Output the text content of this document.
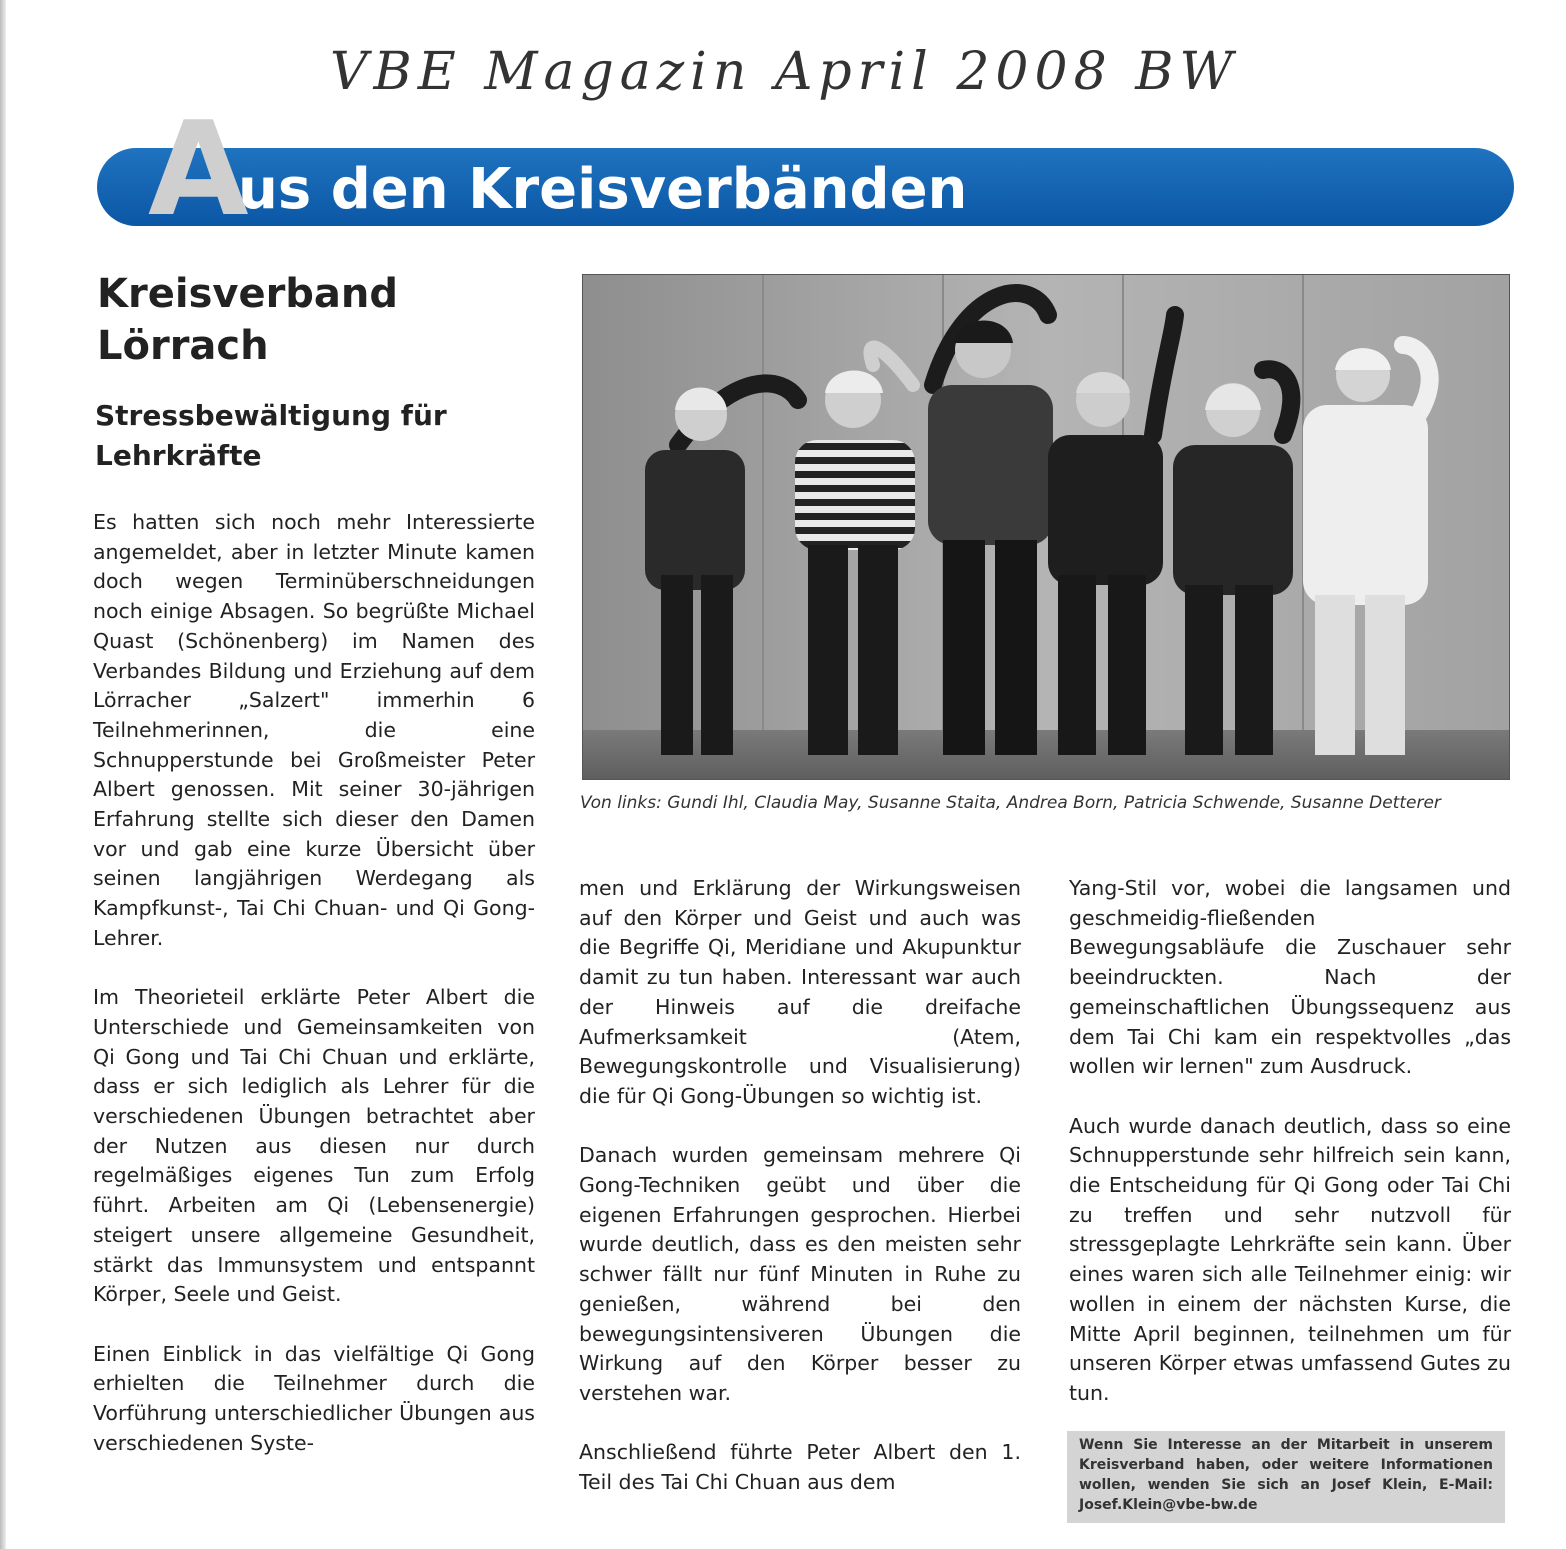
VBE Magazin April 2008 BW
A
us den Kreisverbänden
Kreisverband
Lörrach
Stressbewältigung für
Lehrkräfte

Es hatten sich noch mehr Interessierte angemeldet, aber in letzter Minute kamen doch wegen Terminüberschneidungen noch einige Absagen. So begrüßte Michael Quast (Schönenberg) im Namen des Verbandes Bildung und Erziehung auf dem Lörracher „Salzert" immerhin 6 Teilnehmerinnen, die eine Schnupperstunde bei Großmeister Peter Albert genossen. Mit seiner 30-jährigen Erfahrung stellte sich dieser den Damen vor und gab eine kurze Übersicht über seinen langjährigen Werdegang als Kampfkunst-, Tai Chi Chuan- und Qi Gong-Lehrer.

Im Theorieteil erklärte Peter Albert die Unterschiede und Gemeinsamkeiten von Qi Gong und Tai Chi Chuan und erklärte, dass er sich lediglich als Lehrer für die verschiedenen Übungen betrachtet aber der Nutzen aus diesen nur durch regelmäßiges eigenes Tun zum Erfolg führt. Arbeiten am Qi (Lebensenergie) steigert unsere allgemeine Gesundheit, stärkt das Immunsystem und entspannt Körper, Seele und Geist.

Einen Einblick in das vielfältige Qi Gong erhielten die Teilnehmer durch die Vorführung unterschiedlicher Übungen aus verschiedenen Syste-

Von links: Gundi Ihl, Claudia May, Susanne Staita, Andrea Born, Patricia Schwende, Susanne Detterer

men und Erklärung der Wirkungsweisen auf den Körper und Geist und auch was die Begriffe Qi, Meridiane und Akupunktur damit zu tun haben. Interessant war auch der Hinweis auf die dreifache Aufmerksamkeit (Atem, Bewegungskontrolle und Visualisierung) die für Qi Gong-Übungen so wichtig ist.

Danach wurden gemeinsam mehrere Qi Gong-Techniken geübt und über die eigenen Erfahrungen gesprochen. Hierbei wurde deutlich, dass es den meisten sehr schwer fällt nur fünf Minuten in Ruhe zu genießen, während bei den bewegungsintensiveren Übungen die Wirkung auf den Körper besser zu verstehen war.

Anschließend führte Peter Albert den 1. Teil des Tai Chi Chuan aus dem

Yang-Stil vor, wobei die langsamen und geschmeidig-fließenden Bewegungsabläufe die Zuschauer sehr beeindruckten. Nach der gemeinschaftlichen Übungssequenz aus dem Tai Chi kam ein respektvolles „das wollen wir lernen" zum Ausdruck.

Auch wurde danach deutlich, dass so eine Schnupperstunde sehr hilfreich sein kann, die Entscheidung für Qi Gong oder Tai Chi zu treffen und sehr nutzvoll für stressgeplagte Lehrkräfte sein kann. Über eines waren sich alle Teilnehmer einig: wir wollen in einem der nächsten Kurse, die Mitte April beginnen, teilnehmen um für unseren Körper etwas umfassend Gutes zu tun.

Wenn Sie Interesse an der Mitarbeit in unserem Kreisverband haben, oder weitere Informationen wollen, wenden Sie sich an Josef Klein, E-Mail: Josef.Klein@vbe-bw.de
